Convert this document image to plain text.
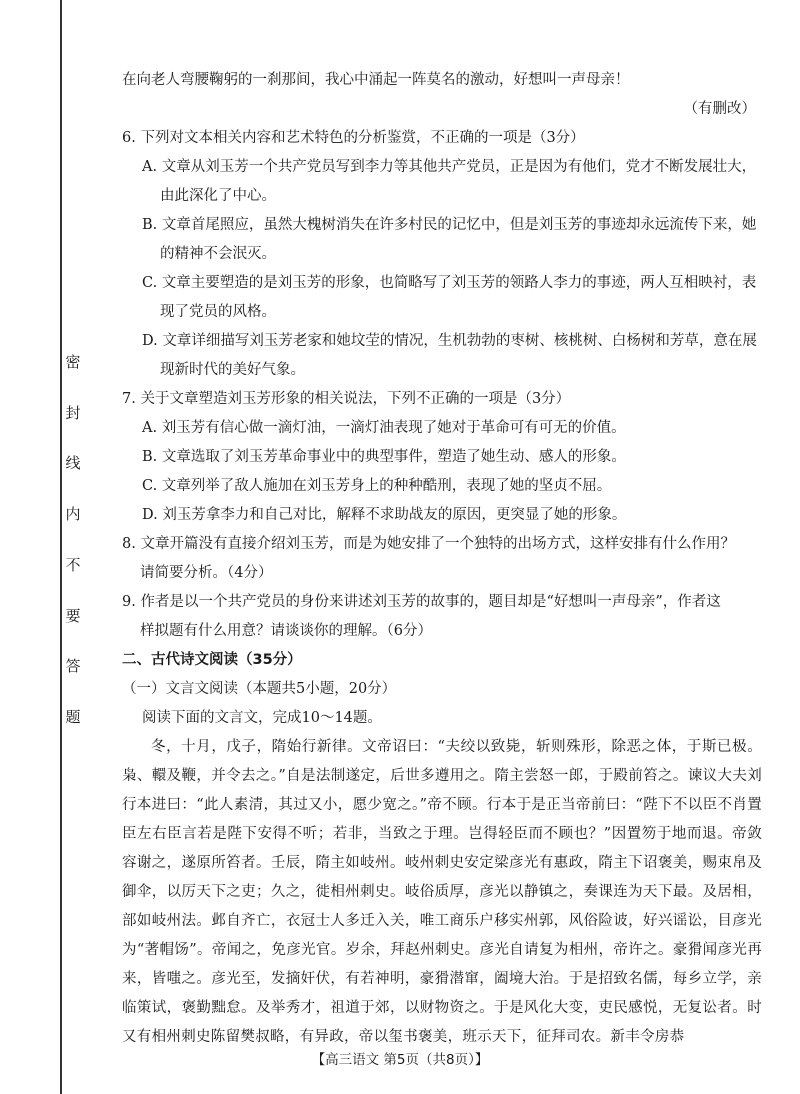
密
封
线
内
不
要
答
题

在向老人弯腰鞠躬的一刹那间，我心中涌起一阵莫名的激动，好想叫一声母亲！

（有删改）

6. 下列对文本相关内容和艺术特色的分析鉴赏，不正确的一项是（3分）

A. 文章从刘玉芳一个共产党员写到李力等其他共产党员，正是因为有他们，党才不断发展壮大，由此深化了中心。

B. 文章首尾照应，虽然大槐树消失在许多村民的记忆中，但是刘玉芳的事迹却永远流传下来，她的精神不会泯灭。

C. 文章主要塑造的是刘玉芳的形象，也简略写了刘玉芳的领路人李力的事迹，两人互相映衬，表现了党员的风格。

D. 文章详细描写刘玉芳老家和她坟茔的情况，生机勃勃的枣树、核桃树、白杨树和芳草，意在展现新时代的美好气象。

7. 关于文章塑造刘玉芳形象的相关说法，下列不正确的一项是（3分）

A. 刘玉芳有信心做一滴灯油，一滴灯油表现了她对于革命可有可无的价值。

B. 文章选取了刘玉芳革命事业中的典型事件，塑造了她生动、感人的形象。

C. 文章列举了敌人施加在刘玉芳身上的种种酷刑，表现了她的坚贞不屈。

D. 刘玉芳拿李力和自己对比，解释不求助战友的原因，更突显了她的形象。

8. 文章开篇没有直接介绍刘玉芳，而是为她安排了一个独特的出场方式，这样安排有什么作用？

请简要分析。（4分）

9. 作者是以一个共产党员的身份来讲述刘玉芳的故事的，题目却是“好想叫一声母亲”，作者这

样拟题有什么用意？请谈谈你的理解。（6分）

二、古代诗文阅读（35分）

（一）文言文阅读（本题共5小题，20分）

阅读下面的文言文，完成10～14题。

冬，十月，戊子，隋始行新律。文帝诏曰：“夫绞以致毙，斩则殊形，除恶之体，于斯已极。枭、轘及鞭，并令去之。”自是法制遂定，后世多遵用之。隋主尝怒一郎，于殿前笞之。谏议大夫刘行本进曰：“此人素清，其过又小，愿少宽之。”帝不顾。行本于是正当帝前曰：“陛下不以臣不肖置臣左右臣言若是陛下安得不听；若非，当致之于理。岂得轻臣而不顾也？”因置笏于地而退。帝敛容谢之，遂原所笞者。壬辰，隋主如岐州。岐州刺史安定梁彦光有惠政，隋主下诏褒美，赐束帛及御伞，以厉天下之吏；久之，徙相州刺史。岐俗质厚，彦光以静镇之，奏课连为天下最。及居相，部如岐州法。邺自齐亡，衣冠士人多迁入关，唯工商乐户移实州郭，风俗险诐，好兴谣讼，目彦光为“著帽饧”。帝闻之，免彦光官。岁余，拜赵州刺史。彦光自请复为相州，帝许之。豪猾闻彦光再来，皆嗤之。彦光至，发摘奸伏，有若神明，豪猾潜窜，阖境大治。于是招致名儒，每乡立学，亲临策试，褒勤黜怠。及举秀才，祖道于郊，以财物资之。于是风化大变，吏民感悦，无复讼者。时又有相州刺史陈留樊叔略，有异政，帝以玺书褒美，班示天下，征拜司农。新丰令房恭

【高三语文 第5页（共8页）】
